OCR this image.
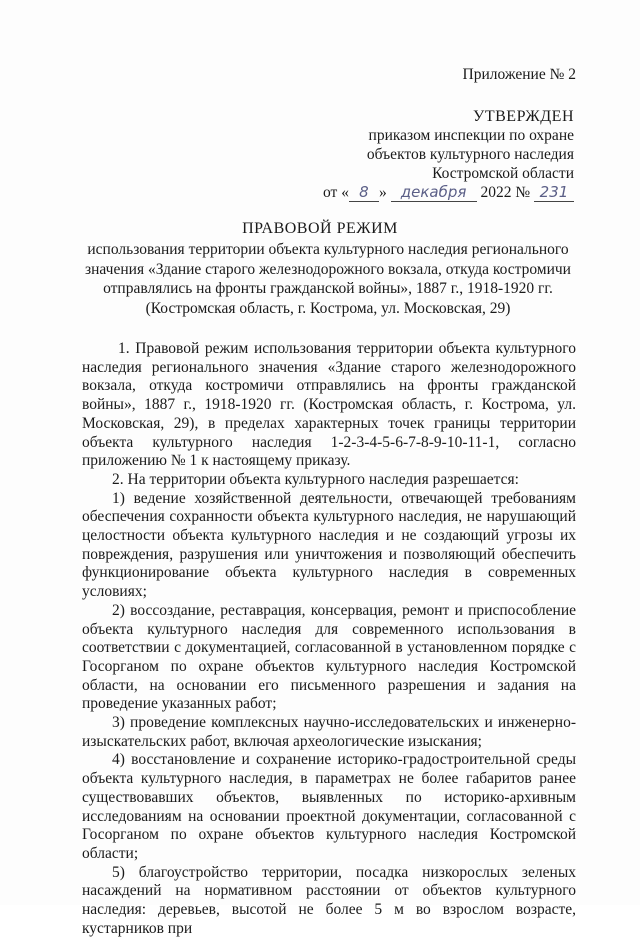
Приложение № 2
УТВЕРЖДЕН
приказом инспекции по охране
объектов культурного наследия
Костромской области
от « 8 » декабря 2022 № 231
ПРАВОВОЙ РЕЖИМ
использования территории объекта культурного наследия регионального
значения «Здание старого железнодорожного вокзала, откуда костромичи
отправлялись на фронты гражданской войны», 1887 г., 1918-1920 гг.
(Костромская область, г. Кострома, ул. Московская, 29)

1. Правовой режим использования территории объекта культурного наследия регионального значения «Здание старого железнодорожного вокзала, откуда костромичи отправлялись на фронты гражданской войны», 1887 г., 1918-1920 гг. (Костромская область, г. Кострома, ул. Московская, 29), в пределах характерных точек границы территории объекта культурного наследия 1-2-3-4-5-6-7-8-9-10-11-1, согласно приложению № 1 к настоящему приказу.

2. На территории объекта культурного наследия разрешается:

1) ведение хозяйственной деятельности, отвечающей требованиям обеспечения сохранности объекта культурного наследия, не нарушающий целостности объекта культурного наследия и не создающий угрозы их повреждения, разрушения или уничтожения и позволяющий обеспечить функционирование объекта культурного наследия в современных условиях;

2) воссоздание, реставрация, консервация, ремонт и приспособление объекта культурного наследия для современного использования в соответствии с документацией, согласованной в установленном порядке с Госорганом по охране объектов культурного наследия Костромской области, на основании его письменного разрешения и задания на проведение указанных работ;

3) проведение комплексных научно-исследовательских и инженерно-изыскательских работ, включая археологические изыскания;

4) восстановление и сохранение историко-градостроительной среды объекта культурного наследия, в параметрах не более габаритов ранее существовавших объектов, выявленных по историко-архивным исследованиям на основании проектной документации, согласованной с Госорганом по охране объектов культурного наследия Костромской области;

5) благоустройство территории, посадка низкорослых зеленых насаждений на нормативном расстоянии от объектов культурного наследия: деревьев, высотой не более 5 м во взрослом возрасте, кустарников при
